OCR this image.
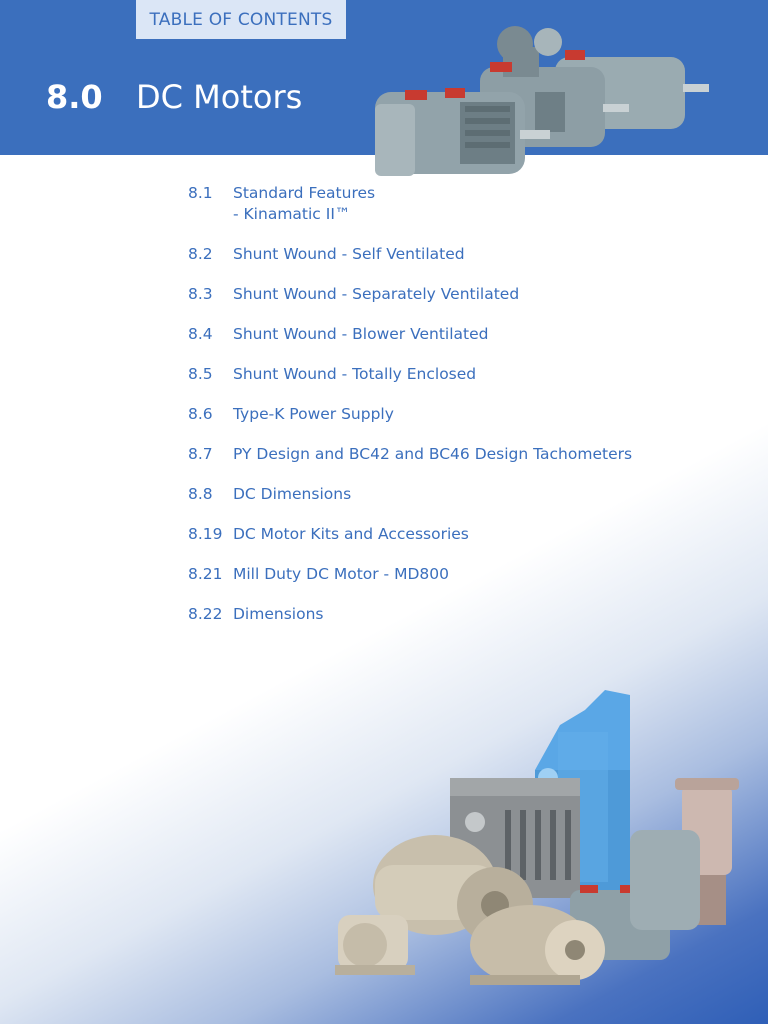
TABLE OF CONTENTS
8.0 DC Motors
8.1	Standard Features
- Kinamatic II™
8.2	Shunt Wound - Self Ventilated
8.3	Shunt Wound - Separately Ventilated
8.4	Shunt Wound - Blower Ventilated
8.5	Shunt Wound - Totally Enclosed
8.6	Type-K Power Supply
8.7	PY Design and BC42 and BC46 Design Tachometers
8.8	DC Dimensions
8.19 DC Motor Kits and Accessories
8.21 Mill Duty DC Motor - MD800
8.22 Dimensions
